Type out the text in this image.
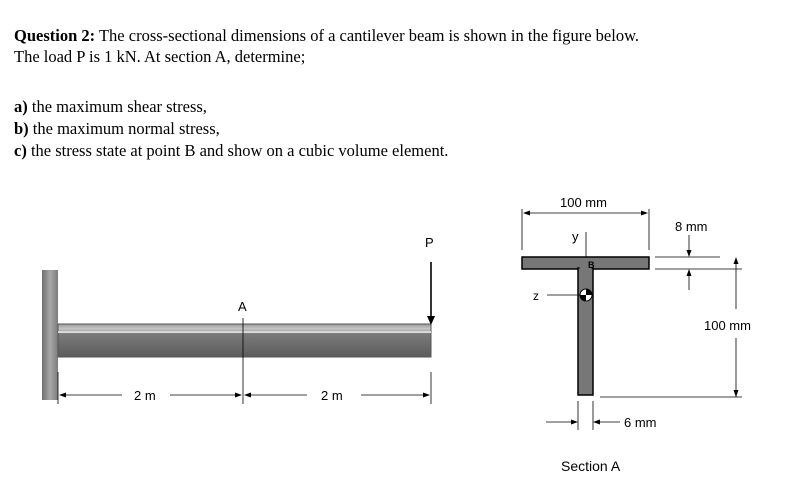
Question 2: The cross-sectional dimensions of a cantilever beam is shown in the figure below.
The load P is 1 kN. At section A, determine;
a) the maximum shear stress,
b) the maximum normal stress,
c) the stress state at point B and show on a cubic volume element.
P
A
2 m	2 m
100 mm
y
z
B
8 mm
100 mm
6 mm
Section A
